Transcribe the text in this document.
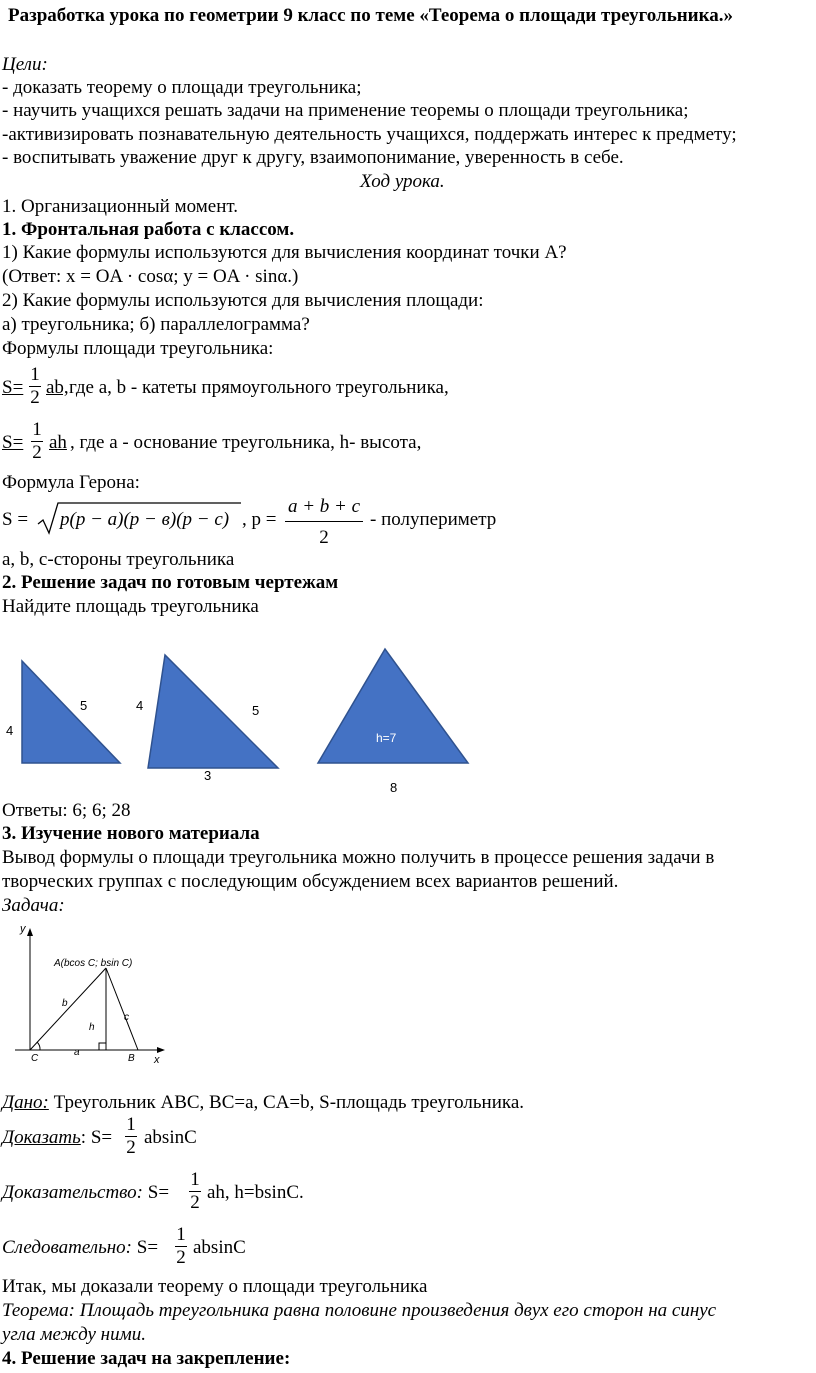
Разработка урока по геометрии 9 класс по теме «Теорема о площади треугольника.»
Цели:
- доказать теорему о площади треугольника;
- научить учащихся решать задачи на применение теоремы о площади треугольника;
-активизировать познавательную деятельность учащихся, поддержать интерес к предмету;
- воспитывать уважение друг к другу, взаимопонимание, уверенность в себе.
Ход урока.
1. Организационный момент.
1. Фронтальная работа с классом.
1) Какие формулы используются для вычисления координат точки А?
(Ответ: x = OA · cosα; y = OA · sinα.)
2) Какие формулы используются для вычисления площади:
а) треугольника; б) параллелограмма?
Формулы площади треугольника:
S=
1
2 ab, где a, b - катеты прямоугольного треугольника,
S=
1
2 ah , где a - основание треугольника, h- высота,
Формула Герона:
S = p(p − a)(p − в)(p − c) , p =
a + b + c
2
- полупериметр
a, b, c-стороны треугольника
2. Решение задач по готовым чертежам
Найдите площадь треугольника
4
5	4	5
3
h=7
8
Ответы: 6; 6; 28
3. Изучение нового материала
Вывод формулы о площади треугольника можно получить в процессе решения задачи в
творческих группах с последующим обсуждением всех вариантов решений.
Задача:
y
x
A(bcos C; bsin C)
b
c
h
a
C	B
Дано: Треугольник АВС, ВС=a, CA=b, S-площадь треугольника.
Доказать: S=
1
2 absinC
Доказательство: S=
1
2 ah, h=bsinC.
Следовательно: S=
1
2 absinC
Итак, мы доказали теорему о площади треугольника
Теорема: Площадь треугольника равна половине произведения двух его сторон на синус
угла между ними.
4. Решение задач на закрепление:
